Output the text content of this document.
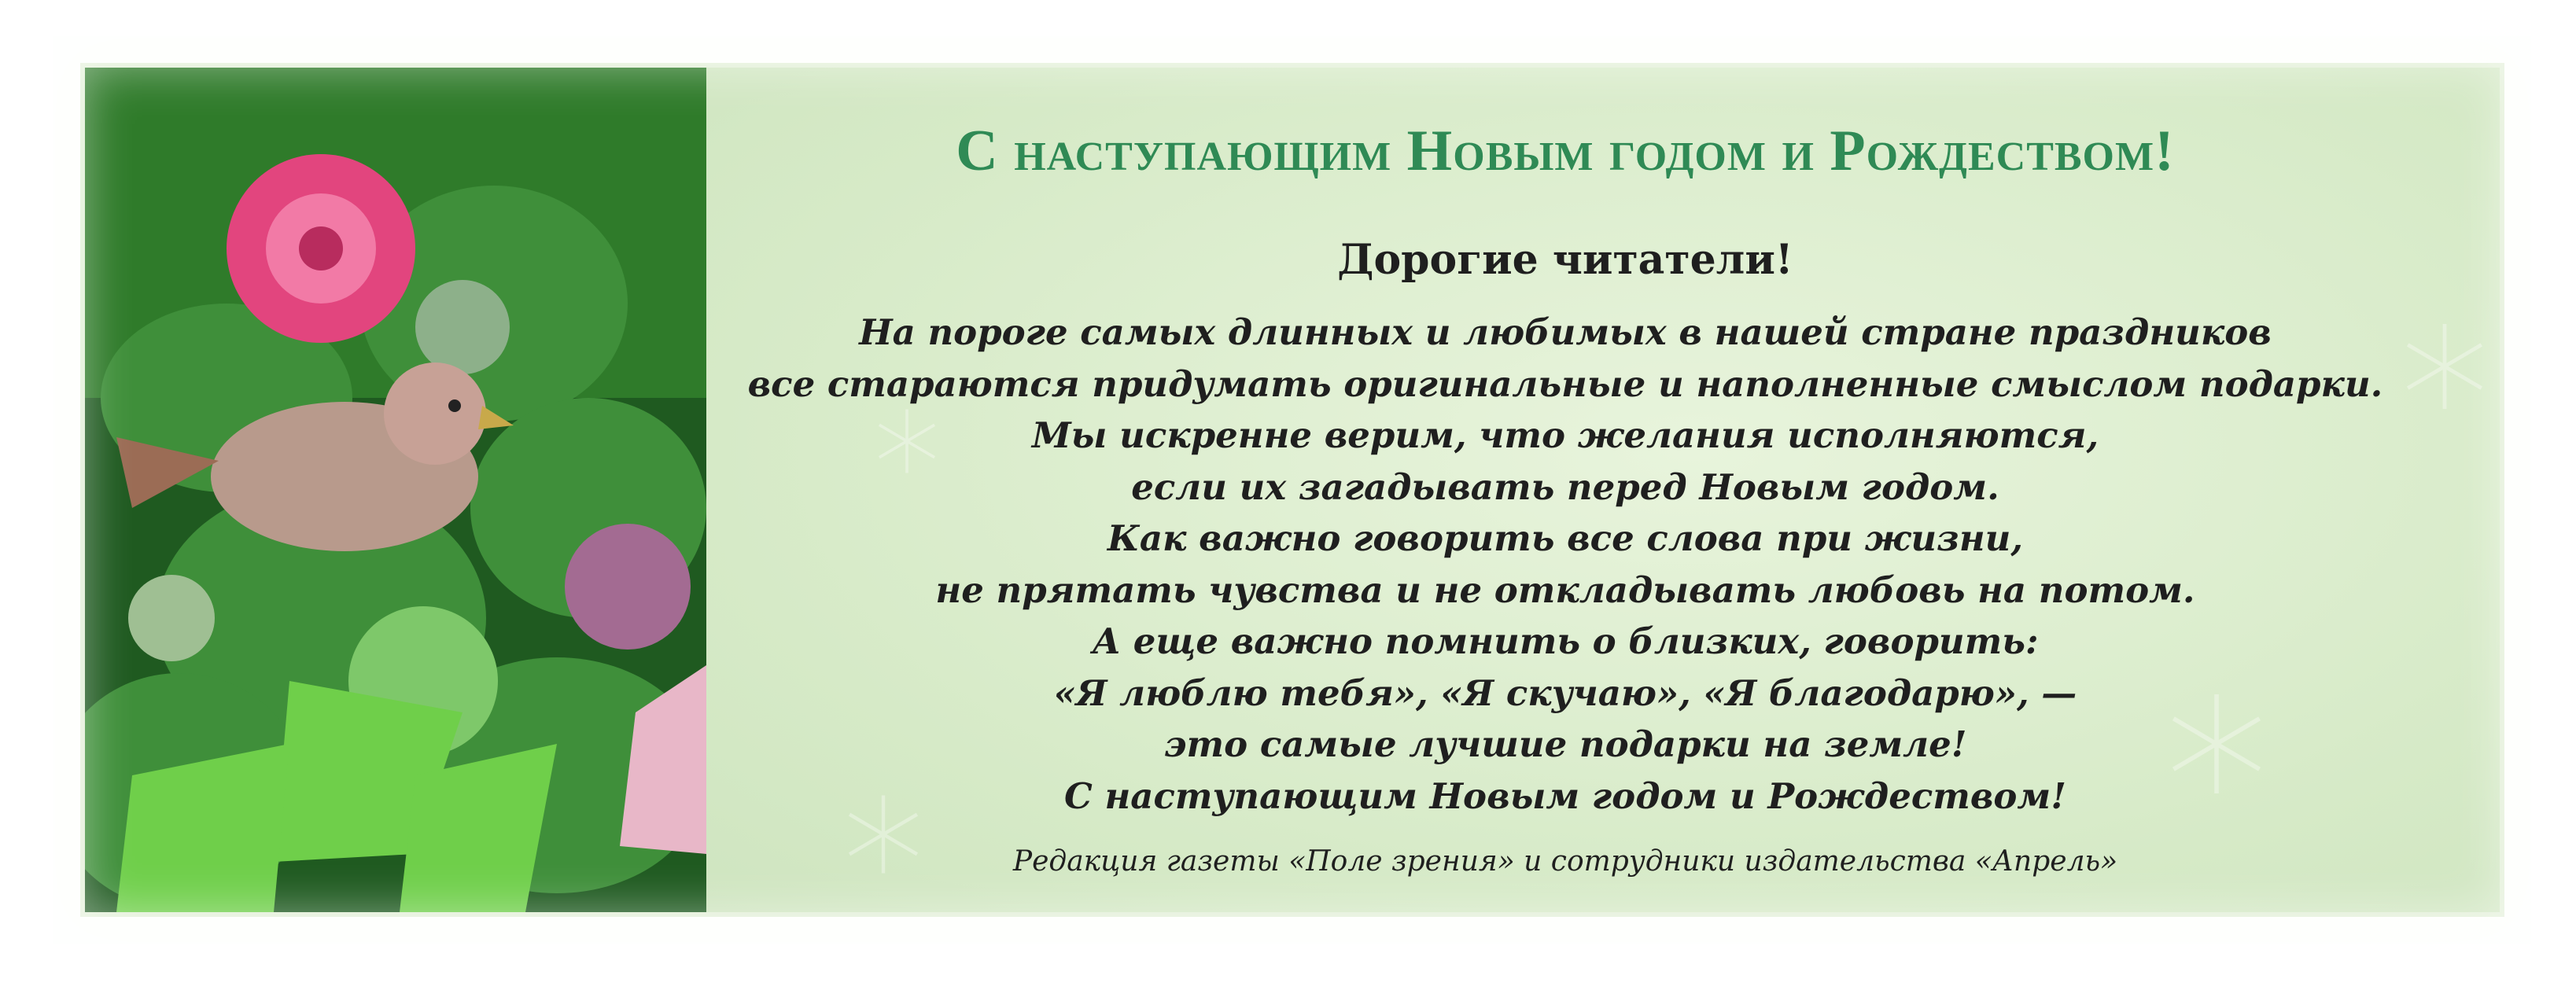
С наступающим Новым годом и Рождеством!
Дорогие читатели!
На пороге самых длинных и любимых в нашей стране праздников
все стараются придумать оригинальные и наполненные смыслом подарки.
Мы искренне верим, что желания исполняются,
если их загадывать перед Новым годом.
Как важно говорить все слова при жизни,
не прятать чувства и не откладывать любовь на потом.
А еще важно помнить о близких, говорить:
«Я люблю тебя», «Я скучаю», «Я благодарю», —
это самые лучшие подарки на земле!
С наступающим Новым годом и Рождеством!
Редакция газеты «Поле зрения» и сотрудники издательства «Апрель»
